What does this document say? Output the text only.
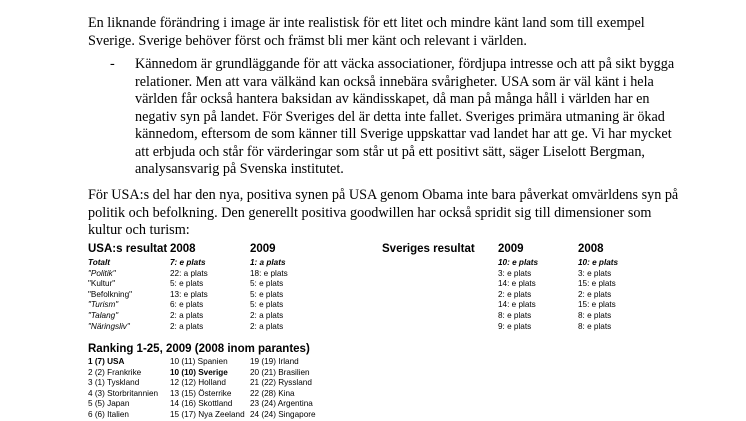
En liknande förändring i image är inte realistisk för ett litet och mindre känt land som till exempel
Sverige. Sverige behöver först och främst bli mer känt och relevant i världen.
- Kännedom är grundläggande för att väcka associationer, fördjupa intresse och att på sikt bygga
relationer. Men att vara välkänd kan också innebära svårigheter. USA som är väl känt i hela
världen får också hantera baksidan av kändisskapet, då man på många håll i världen har en
negativ syn på landet. För Sveriges del är detta inte fallet. Sveriges primära utmaning är ökad
kännedom, eftersom de som känner till Sverige uppskattar vad landet har att ge. Vi har mycket
att erbjuda och står för värderingar som står ut på ett positivt sätt, säger Liselott Bergman,
analysansvarig på Svenska institutet.
För USA:s del har den nya, positiva synen på USA genom Obama inte bara påverkat omvärldens syn på
politik och befolkning. Den generellt positiva goodwillen har också spridit sig till dimensioner som
kultur och turism:
USA:s resultat 2008	2009
Totalt
"Politik"
"Kultur"
"Befolkning"
"Turism"
"Talang"
"Näringsliv"
7: e plats
22: a plats
5: e plats
13: e plats
6: e plats
2: a plats
2: a plats
1: a plats
18: e plats
5: e plats
5: e plats
5: e plats
2: a plats
2: a plats
Sveriges resultat 2009	2008
10: e plats
3: e plats
14: e plats
2: e plats
14: e plats
8: e plats
9: e plats
10: e plats
3: e plats
15: e plats
2: e plats
15: e plats
8: e plats
8: e plats
Ranking 1-25, 2009 (2008 inom parantes)
1 (7) USA
2 (2) Frankrike
3 (1) Tyskland
4 (3) Storbritannien
5 (5) Japan
6 (6) Italien
10 (11) Spanien
10 (10) Sverige
12 (12) Holland
13 (15) Österrike
14 (16) Skottland
15 (17) Nya Zeeland
19 (19) Irland
20 (21) Brasilien
21 (22) Ryssland
22 (28) Kina
23 (24) Argentina
24 (24) Singapore
